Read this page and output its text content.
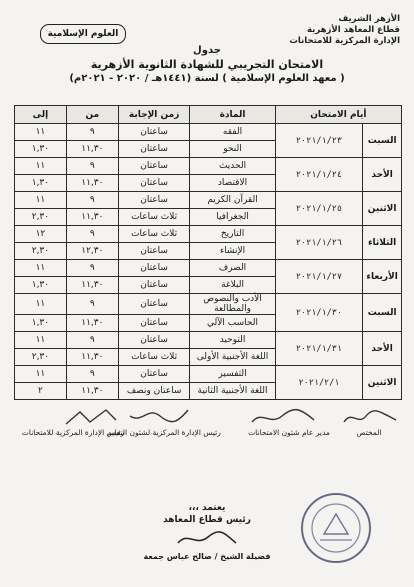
الأزهر الشريف
قطاع المعاهد الأزهرية
الإدارة المركزية للامتحانات
العلوم الإسلامية
جدول
الامتحان التجريبي للشهادة الثانوية الأزهرية
( معهد العلوم الإسلامية ) لسنة (١٤٤١هـ / ٢٠٢٠ - ٢٠٢١م)
أيام الامتحان		المادة	زمن الإجابة	من	إلى
السبت	٢٠٢١/١/٢٣	الفقه	ساعتان	٩	١١
		النحو	ساعتان	١١,٣٠	١,٣٠
الأحد	٢٠٢١/١/٢٤	الحديث	ساعتان	٩	١١
		الاقتصاد	ساعتان	١١,٣٠	١,٣٠
الاثنين	٢٠٢١/١/٢٥	القرآن الكريم	ساعتان	٩	١١
		الجغرافيا	ثلاث ساعات	١١,٣٠	٢,٣٠
الثلاثاء	٢٠٢١/١/٢٦	التاريخ	ثلاث ساعات	٩	١٢
		الإنشاء	ساعتان	١٢,٣٠	٢,٣٠
الأربعاء	٢٠٢١/١/٢٧	الصرف	ساعتان	٩	١١
		البلاغة	ساعتان	١١,٣٠	١,٣٠
السبت	٢٠٢١/١/٣٠	الأدب والنصوص والمطالعة	ساعتان	٩	١١
		الحاسب الآلي	ساعتان	١١,٣٠	١,٣٠
الأحد	٢٠٢١/١/٣١	التوحيد	ساعتان	٩	١١
		اللغة الأجنبية الأولى	ثلاث ساعات	١١,٣٠	٢,٣٠
الاثنين	٢٠٢١/٢/١	التفسير	ساعتان	٩	١١
		اللغة الأجنبية الثانية	ساعتان ونصف	١١,٣٠	٢
المختص
مدير عام شئون الامتحانات
رئيس الإدارة المركزية لشئون التعليم
رئيس الإدارة المركزية للامتحانات
يعتمد ،،،
رئيس قطاع المعاهد
فضيلة الشيخ / صالح عباس جمعة
